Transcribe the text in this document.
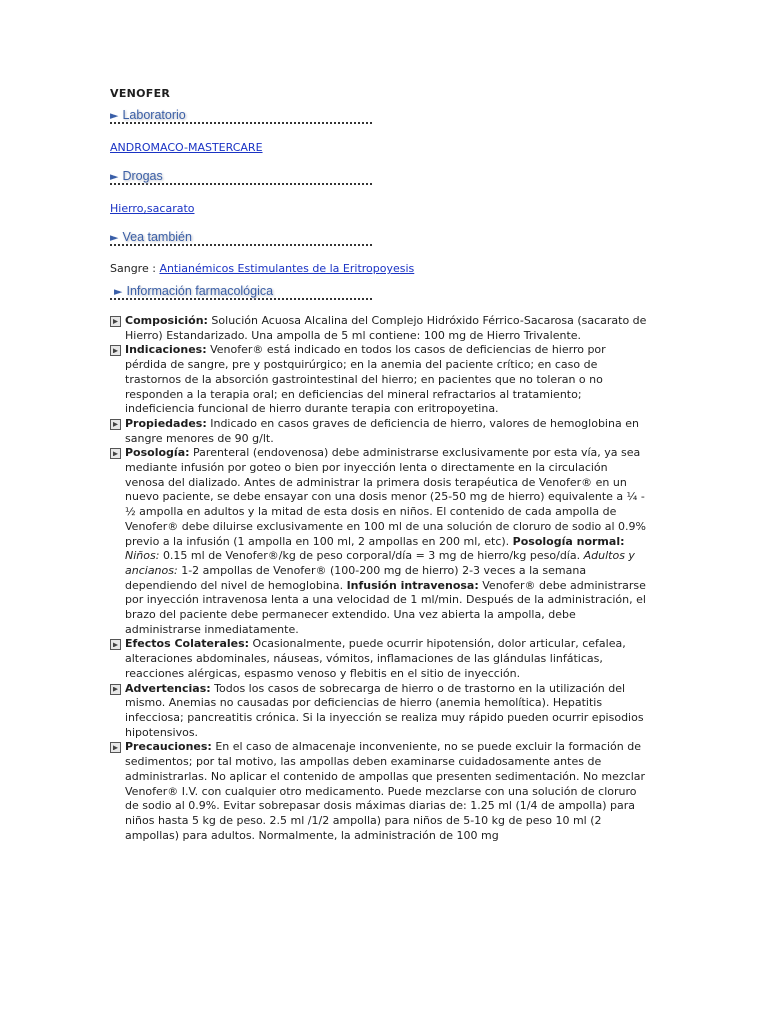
VENOFER
► Laboratorio
ANDROMACO-MASTERCARE
► Drogas
Hierro,sacarato
► Vea también
Sangre : Antianémicos Estimulantes de la Eritropoyesis
► Información farmacológica
Composición: Solución Acuosa Alcalina del Complejo Hidróxido Férrico-Sacarosa (sacarato de Hierro) Estandarizado. Una ampolla de 5 ml contiene: 100 mg de Hierro Trivalente.
Indicaciones: Venofer® está indicado en todos los casos de deficiencias de hierro por pérdida de sangre, pre y postquirúrgico; en la anemia del paciente crítico; en caso de trastornos de la absorción gastrointestinal del hierro; en pacientes que no toleran o no responden a la terapia oral; en deficiencias del mineral refractarios al tratamiento; indeficiencia funcional de hierro durante terapia con eritropoyetina.
Propiedades: Indicado en casos graves de deficiencia de hierro, valores de hemoglobina en sangre menores de 90 g/lt.
Posología: Parenteral (endovenosa) debe administrarse exclusivamente por esta vía, ya sea mediante infusión por goteo o bien por inyección lenta o directamente en la circulación venosa del dializado. Antes de administrar la primera dosis terapéutica de Venofer® en un nuevo paciente, se debe ensayar con una dosis menor (25-50 mg de hierro) equivalente a ¼ - ½ ampolla en adultos y la mitad de esta dosis en niños. El contenido de cada ampolla de Venofer® debe diluirse exclusivamente en 100 ml de una solución de cloruro de sodio al 0.9% previo a la infusión (1 ampolla en 100 ml, 2 ampollas en 200 ml, etc). Posología normal: Niños: 0.15 ml de Venofer®/kg de peso corporal/día = 3 mg de hierro/kg peso/día. Adultos y ancianos: 1-2 ampollas de Venofer® (100-200 mg de hierro) 2-3 veces a la semana dependiendo del nivel de hemoglobina. Infusión intravenosa: Venofer® debe administrarse por inyección intravenosa lenta a una velocidad de 1 ml/min. Después de la administración, el brazo del paciente debe permanecer extendido. Una vez abierta la ampolla, debe administrarse inmediatamente.
Efectos Colaterales: Ocasionalmente, puede ocurrir hipotensión, dolor articular, cefalea, alteraciones abdominales, náuseas, vómitos, inflamaciones de las glándulas linfáticas, reacciones alérgicas, espasmo venoso y flebitis en el sitio de inyección.
Advertencias: Todos los casos de sobrecarga de hierro o de trastorno en la utilización del mismo. Anemias no causadas por deficiencias de hierro (anemia hemolítica). Hepatitis infecciosa; pancreatitis crónica. Si la inyección se realiza muy rápido pueden ocurrir episodios hipotensivos.
Precauciones: En el caso de almacenaje inconveniente, no se puede excluir la formación de sedimentos; por tal motivo, las ampollas deben examinarse cuidadosamente antes de administrarlas. No aplicar el contenido de ampollas que presenten sedimentación. No mezclar Venofer® I.V. con cualquier otro medicamento. Puede mezclarse con una solución de cloruro de sodio al 0.9%. Evitar sobrepasar dosis máximas diarias de: 1.25 ml (1/4 de ampolla) para niños hasta 5 kg de peso. 2.5 ml /1/2 ampolla) para niños de 5-10 kg de peso 10 ml (2 ampollas) para adultos. Normalmente, la administración de 100 mg
